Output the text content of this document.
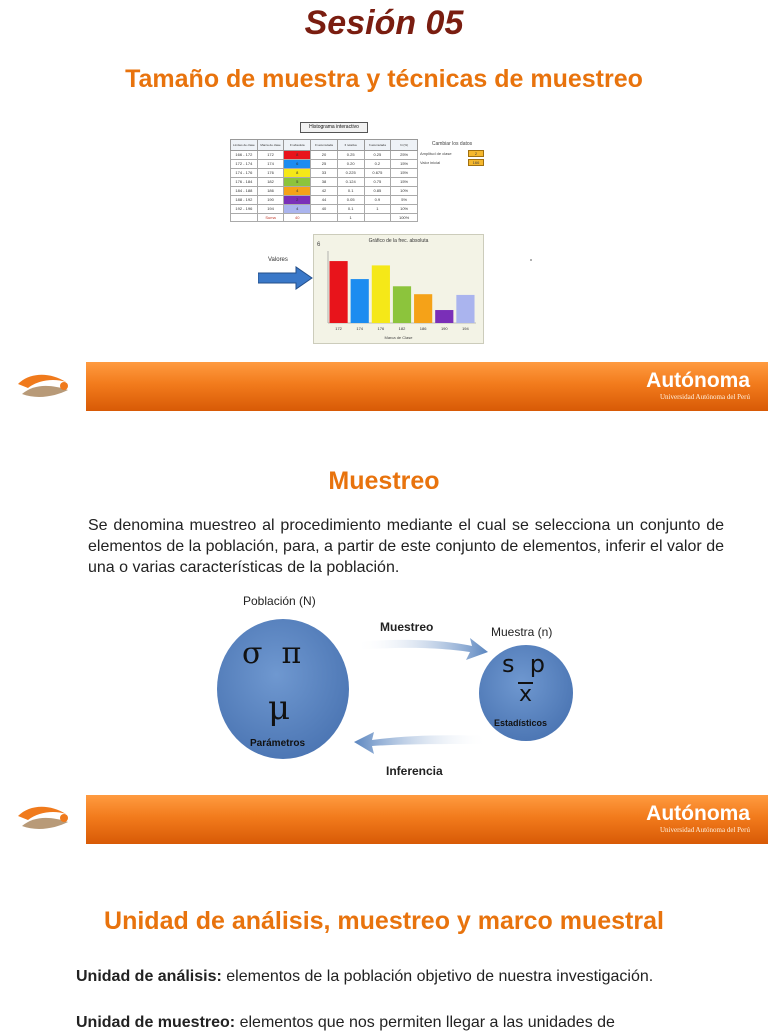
Sesión 05
Tamaño de muestra y técnicas de muestreo
Histograma interactivo
Límites de clase	Marca de clase	Fi absoluta	Fi acumulada	fi relativa	fi acumulada	hi (%)
166 - 172	172	8	20	0.25	0.25	25%
172 - 174	174	6	25	0.20	0.2	15%
174 - 176	176	8	33	0.225	0.675	15%
176 - 184	182	5	38	0.124	0.75	15%
184 - 188	186	4	42	0.1	0.85	10%
188 - 192	190	2	44	0.05	0.9	5%
192 - 196	194	4	40	0.1	1	10%
	Suma	40		1		100%
Cambiar los datos
Amplitud de clase	2
Valor inicial	166
Valores
Gráfico de la frec. absoluta
6
172	174	176	182	186	190	194
Marca de Clase
Autónoma
Universidad Autónoma del Perú
Muestreo
Se denomina muestreo al procedimiento mediante el cual se selecciona un conjunto de elementos de la población, para, a partir de este conjunto de elementos, inferir el valor de una o varias características de la población.
Población (N)
σ  π
μ
Parámetros
Muestreo	Muestra (n)
s  p
x
Estadísticos
Inferencia
Autónoma
Universidad Autónoma del Perú
Unidad de análisis, muestreo y marco muestral
Unidad de análisis: elementos de la población objetivo de nuestra investigación.
Unidad de muestreo: elementos que nos permiten llegar a las unidades de
